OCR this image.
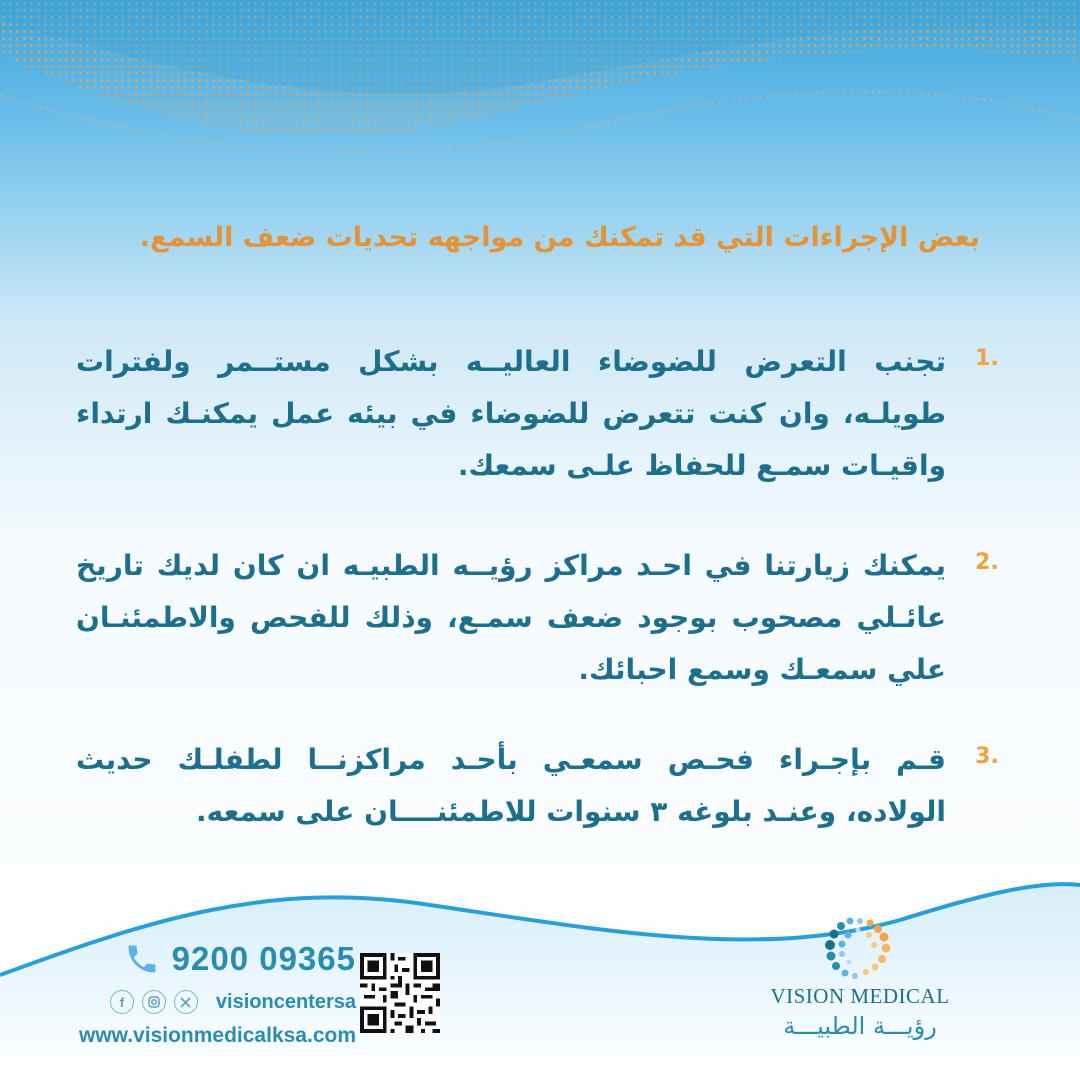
بعض الإجراءات التي قد تمكنك من مواجهه تحديات ضعف السمع.
1.
تجنب التعرض للضوضاء العاليــه بشكل مستــمر ولفترات طويلـه، وان كنت تتعرض للضوضاء في بيئه عمل يمكنـك ارتداء واقيـات سمـع للحفاظ علـى سمعك.
2.
يمكنك زيارتنا في احـد مراكز رؤيــه الطبيـه ان كان لديك تاريخ عائـلي مصحوب بوجود ضعف سمـع، وذلك للفحص والاطمئنـان علي سمعـك وسمع احبائك.
3.
قـم بإجـراء فحـص سمعـي بأحـد مراكزنــا لطفلـك حديث الولاده، وعنـد بلوغه ٣ سنوات للاطمئنــــان على سمعه.
9200 09365
f	visioncentersa
www.visionmedicalksa.com
VISION MEDICAL
رؤيـــة الطبيـــة
